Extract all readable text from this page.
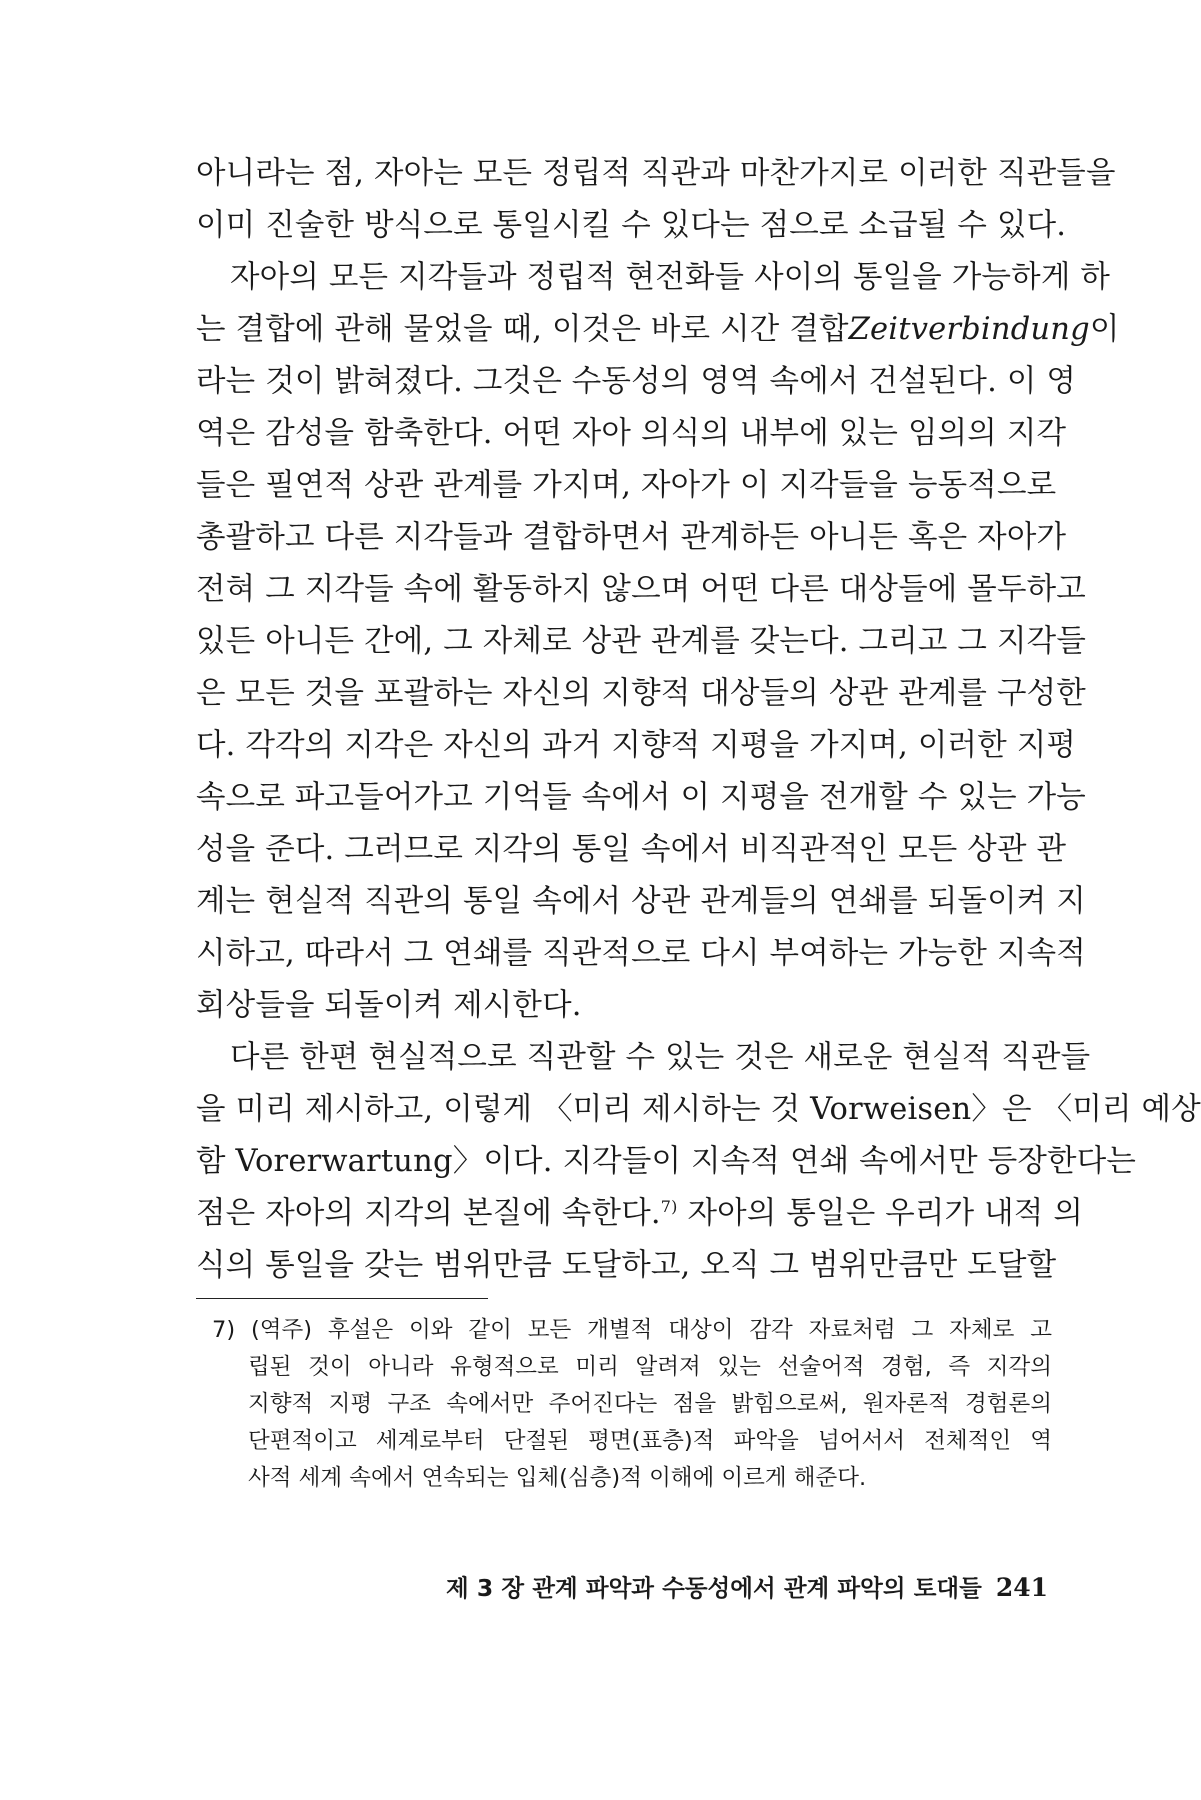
아니라는 점, 자아는 모든 정립적 직관과 마찬가지로 이러한 직관들을
이미 진술한 방식으로 통일시킬 수 있다는 점으로 소급될 수 있다.
자아의 모든 지각들과 정립적 현전화들 사이의 통일을 가능하게 하
는 결합에 관해 물었을 때, 이것은 바로 시간 결합Zeitverbindung이
라는 것이 밝혀졌다. 그것은 수동성의 영역 속에서 건설된다. 이 영
역은 감성을 함축한다. 어떤 자아 의식의 내부에 있는 임의의 지각
들은 필연적 상관 관계를 가지며, 자아가 이 지각들을 능동적으로
총괄하고 다른 지각들과 결합하면서 관계하든 아니든 혹은 자아가
전혀 그 지각들 속에 활동하지 않으며 어떤 다른 대상들에 몰두하고
있든 아니든 간에, 그 자체로 상관 관계를 갖는다. 그리고 그 지각들
은 모든 것을 포괄하는 자신의 지향적 대상들의 상관 관계를 구성한
다. 각각의 지각은 자신의 과거 지향적 지평을 가지며, 이러한 지평
속으로 파고들어가고 기억들 속에서 이 지평을 전개할 수 있는 가능
성을 준다. 그러므로 지각의 통일 속에서 비직관적인 모든 상관 관
계는 현실적 직관의 통일 속에서 상관 관계들의 연쇄를 되돌이켜 지
시하고, 따라서 그 연쇄를 직관적으로 다시 부여하는 가능한 지속적
회상들을 되돌이켜 제시한다.
다른 한편 현실적으로 직관할 수 있는 것은 새로운 현실적 직관들
을 미리 제시하고, 이렇게 〈미리 제시하는 것 Vorweisen〉은 〈미리 예상
함 Vorerwartung〉이다. 지각들이 지속적 연쇄 속에서만 등장한다는
점은 자아의 지각의 본질에 속한다.$^{7)}$ 자아의 통일은 우리가 내적 의
식의 통일을 갖는 범위만큼 도달하고, 오직 그 범위만큼만 도달할
7) (역주) 후설은 이와 같이 모든 개별적 대상이 감각 자료처럼 그 자체로 고
립된 것이 아니라 유형적으로 미리 알려져 있는 선술어적 경험, 즉 지각의
지향적 지평 구조 속에서만 주어진다는 점을 밝힘으로써, 원자론적 경험론의
단편적이고 세계로부터 단절된 평면(표층)적 파악을 넘어서서 전체적인 역
사적 세계 속에서 연속되는 입체(심층)적 이해에 이르게 해준다.
제 3 장 관계 파악과 수동성에서 관계 파악의 토대들 241
